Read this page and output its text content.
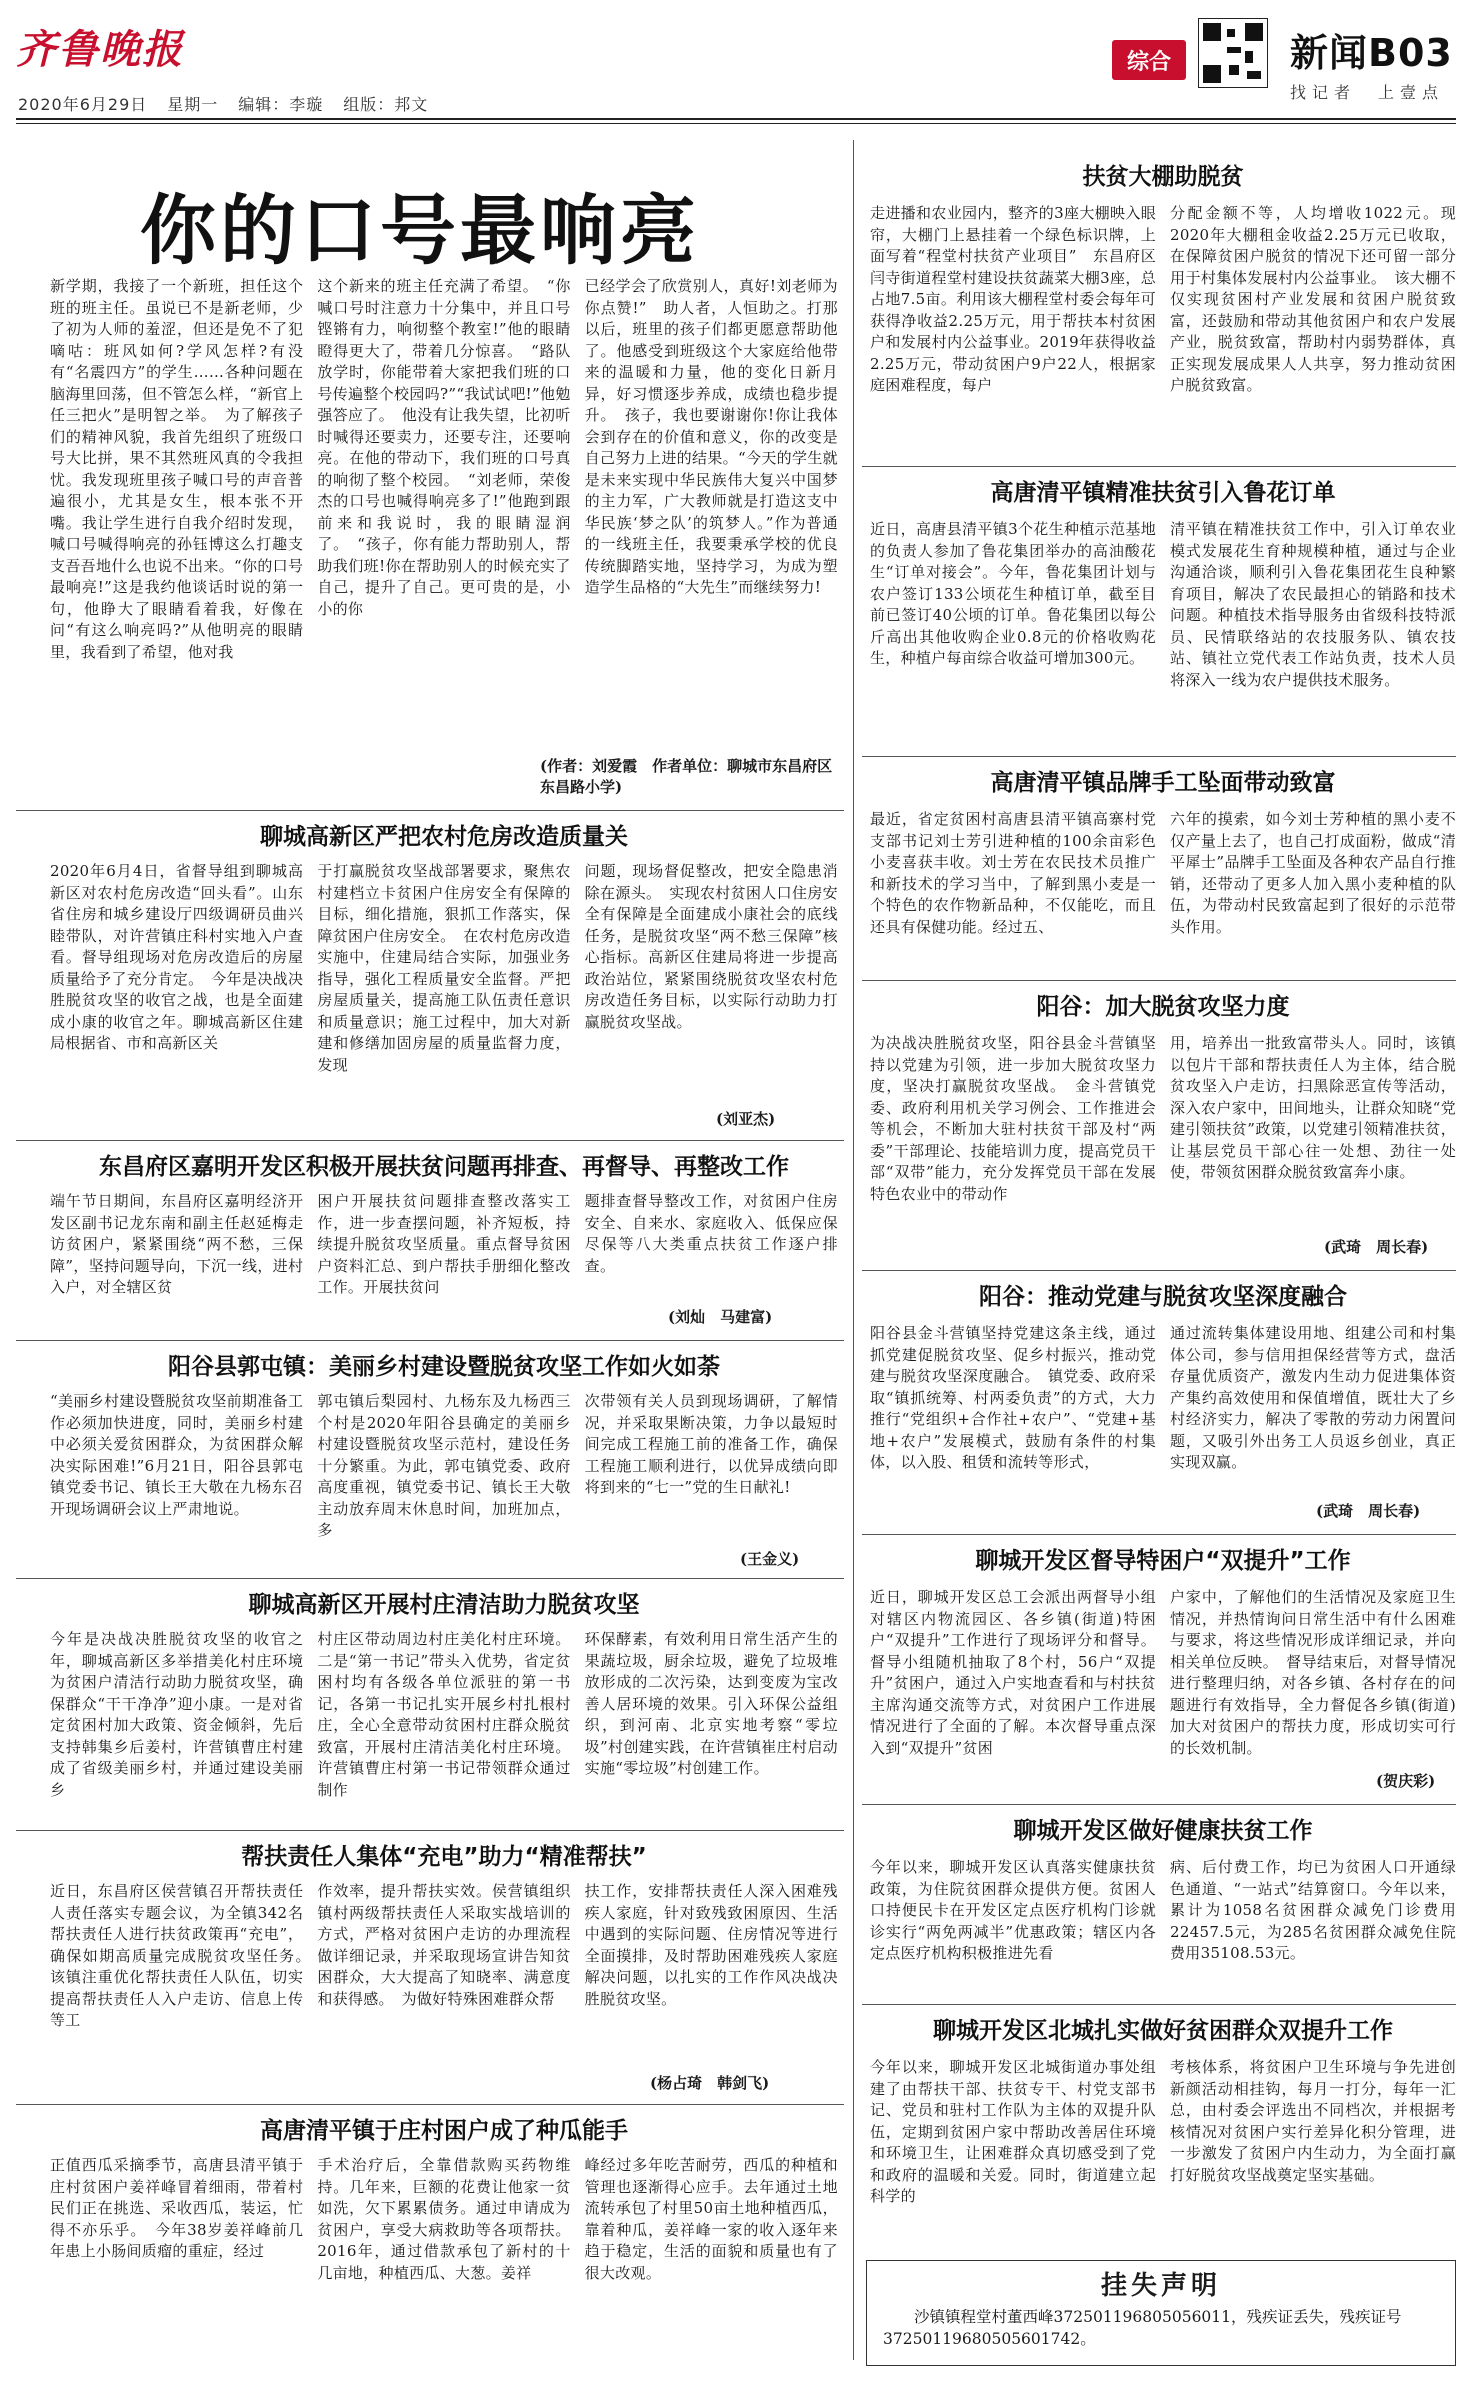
齐鲁晚报
2020年6月29日 星期一 编辑：李璇 组版：邦文
综合	新闻B03
找记者　上壹点
你的口号最响亮
新学期，我接了一个新班，担任这个班的班主任。虽说已不是新老师，少了初为人师的羞涩，但还是免不了犯嘀咕：班风如何?学风怎样?有没有“名震四方”的学生……各种问题在脑海里回荡，但不管怎么样，“新官上任三把火”是明智之举。　为了解孩子们的精神风貌，我首先组织了班级口号大比拼，果不其然班风真的令我担忧。我发现班里孩子喊口号的声音普遍很小，尤其是女生，根本张不开嘴。我让学生进行自我介绍时发现，喊口号喊得响亮的孙钰博这么打趣支支吾吾地什么也说不出来。“你的口号最响亮!”这是我约他谈话时说的第一句，他睁大了眼睛看着我，好像在问“有这么响亮吗?”从他明亮的眼睛里，我看到了希望，他对我
这个新来的班主任充满了希望。　“你喊口号时注意力十分集中，并且口号铿锵有力，响彻整个教室!”他的眼睛瞪得更大了，带着几分惊喜。　“路队放学时，你能带着大家把我们班的口号传遍整个校园吗?”“我试试吧!”他勉强答应了。　他没有让我失望，比初听时喊得还要卖力，还要专注，还要响亮。在他的带动下，我们班的口号真的响彻了整个校园。　“刘老师，荣俊杰的口号也喊得响亮多了!”他跑到跟前来和我说时，我的眼睛湿润了。　“孩子，你有能力帮助别人，帮助我们班!你在帮助别人的时候充实了自己，提升了自己。更可贵的是，小小的你
已经学会了欣赏别人，真好!刘老师为你点赞!”　助人者，人恒助之。打那以后，班里的孩子们都更愿意帮助他了。他感受到班级这个大家庭给他带来的温暖和力量，他的变化日新月异，好习惯逐步养成，成绩也稳步提升。　孩子，我也要谢谢你!你让我体会到存在的价值和意义，你的改变是自己努力上进的结果。“今天的学生就是未来实现中华民族伟大复兴中国梦的主力军，广大教师就是打造这支中华民族‘梦之队’的筑梦人。”作为普通的一线班主任，我要秉承学校的优良传统脚踏实地，坚持学习，为成为塑造学生品格的“大先生”而继续努力!
(作者：刘爱霞　作者单位：聊城市东昌府区东昌路小学)
聊城高新区严把农村危房改造质量关
2020年6月4日，省督导组到聊城高新区对农村危房改造“回头看”。山东省住房和城乡建设厅四级调研员曲兴睦带队，对许营镇庄科村实地入户查看。督导组现场对危房改造后的房屋质量给予了充分肯定。　今年是决战决胜脱贫攻坚的收官之战，也是全面建成小康的收官之年。聊城高新区住建局根据省、市和高新区关
于打赢脱贫攻坚战部署要求，聚焦农村建档立卡贫困户住房安全有保障的目标，细化措施，狠抓工作落实，保障贫困户住房安全。　在农村危房改造实施中，住建局结合实际，加强业务指导，强化工程质量安全监督。严把房屋质量关，提高施工队伍责任意识和质量意识；施工过程中，加大对新建和修缮加固房屋的质量监督力度，发现
问题，现场督促整改，把安全隐患消除在源头。　实现农村贫困人口住房安全有保障是全面建成小康社会的底线任务，是脱贫攻坚“两不愁三保障”核心指标。高新区住建局将进一步提高政治站位，紧紧围绕脱贫攻坚农村危房改造任务目标，以实际行动助力打赢脱贫攻坚战。
(刘亚杰)
东昌府区嘉明开发区积极开展扶贫问题再排查、再督导、再整改工作
端午节日期间，东昌府区嘉明经济开发区副书记龙东南和副主任赵延梅走访贫困户，紧紧围绕“两不愁，三保障”，坚持问题导向，下沉一线，进村入户，对全辖区贫
困户开展扶贫问题排查整改落实工作，进一步查摆问题，补齐短板，持续提升脱贫攻坚质量。重点督导贫困户资料汇总、到户帮扶手册细化整改工作。开展扶贫问
题排查督导整改工作，对贫困户住房安全、自来水、家庭收入、低保应保尽保等八大类重点扶贫工作逐户排查。
(刘灿　马建富)
阳谷县郭屯镇：美丽乡村建设暨脱贫攻坚工作如火如荼
“美丽乡村建设暨脱贫攻坚前期准备工作必须加快进度，同时，美丽乡村建中必须关爱贫困群众，为贫困群众解决实际困难!”6月21日，阳谷县郭屯镇党委书记、镇长王大敬在九杨东召开现场调研会议上严肃地说。
郭屯镇后梨园村、九杨东及九杨西三个村是2020年阳谷县确定的美丽乡村建设暨脱贫攻坚示范村，建设任务十分繁重。为此，郭屯镇党委、政府高度重视，镇党委书记、镇长王大敬主动放弃周末休息时间，加班加点，多
次带领有关人员到现场调研，了解情况，并采取果断决策，力争以最短时间完成工程施工前的准备工作，确保工程施工顺利进行，以优异成绩向即将到来的“七一”党的生日献礼!
(王金义)
聊城高新区开展村庄清洁助力脱贫攻坚
今年是决战决胜脱贫攻坚的收官之年，聊城高新区多举措美化村庄环境为贫困户清洁行动助力脱贫攻坚，确保群众“干干净净”迎小康。一是对省定贫困村加大政策、资金倾斜，先后支持韩集乡后姜村，许营镇曹庄村建成了省级美丽乡村，并通过建设美丽乡
村庄区带动周边村庄美化村庄环境。二是“第一书记”带头入优势，省定贫困村均有各级各单位派驻的第一书记，各第一书记扎实开展乡村扎根村庄，全心全意带动贫困村庄群众脱贫致富，开展村庄清洁美化村庄环境。许营镇曹庄村第一书记带领群众通过制作
环保酵素，有效利用日常生活产生的果蔬垃圾，厨余垃圾，避免了垃圾堆放形成的二次污染，达到变废为宝改善人居环境的效果。引入环保公益组织，到河南、北京实地考察“零垃圾”村创建实践，在许营镇崔庄村启动实施“零垃圾”村创建工作。
帮扶责任人集体“充电”助力“精准帮扶”
近日，东昌府区侯营镇召开帮扶责任人责任落实专题会议，为全镇342名帮扶责任人进行扶贫政策再“充电”，确保如期高质量完成脱贫攻坚任务。　该镇注重优化帮扶责任人队伍，切实提高帮扶责任人入户走访、信息上传等工
作效率，提升帮扶实效。侯营镇组织镇村两级帮扶责任人采取实战培训的方式，严格对贫困户走访的办理流程做详细记录，并采取现场宣讲告知贫困群众，大大提高了知晓率、满意度和获得感。　为做好特殊困难群众帮
扶工作，安排帮扶责任人深入困难残疾人家庭，针对致残致困原因、生活中遇到的实际问题、住房情况等进行全面摸排，及时帮助困难残疾人家庭解决问题，以扎实的工作作风决战决胜脱贫攻坚。
(杨占琦　韩剑飞)
高唐清平镇于庄村困户成了种瓜能手
正值西瓜采摘季节，高唐县清平镇于庄村贫困户姜祥峰冒着细雨，带着村民们正在挑选、采收西瓜，装运，忙得不亦乐乎。　今年38岁姜祥峰前几年患上小肠间质瘤的重症，经过
手术治疗后，全靠借款购买药物维持。几年来，巨额的花费让他家一贫如洗，欠下累累债务。通过申请成为贫困户，享受大病救助等各项帮扶。2016年，通过借款承包了新村的十几亩地，种植西瓜、大葱。姜祥
峰经过多年吃苦耐劳，西瓜的种植和管理也逐渐得心应手。去年通过土地流转承包了村里50亩土地种植西瓜，靠着种瓜，姜祥峰一家的收入逐年来趋于稳定，生活的面貌和质量也有了很大改观。
扶贫大棚助脱贫
走进播和农业园内，整齐的3座大棚映入眼帘，大棚门上悬挂着一个绿色标识牌，上面写着“程堂村扶贫产业项目”　东昌府区闫寺街道程堂村建设扶贫蔬菜大棚3座，总占地7.5亩。利用该大棚程堂村委会每年可获得净收益2.25万元，用于帮扶本村贫困户和发展村内公益事业。2019年获得收益2.25万元，带动贫困户9户22人，根据家庭困难程度，每户
分配金额不等，人均增收1022元。现2020年大棚租金收益2.25万元已收取，在保障贫困户脱贫的情况下还可留一部分用于村集体发展村内公益事业。　该大棚不仅实现贫困村产业发展和贫困户脱贫致富，还鼓励和带动其他贫困户和农户发展产业，脱贫致富，帮助村内弱势群体，真正实现发展成果人人共享，努力推动贫困户脱贫致富。
高唐清平镇精准扶贫引入鲁花订单
近日，高唐县清平镇3个花生种植示范基地的负责人参加了鲁花集团举办的高油酸花生“订单对接会”。今年，鲁花集团计划与农户签订133公顷花生种植订单，截至目前已签订40公顷的订单。鲁花集团以每公斤高出其他收购企业0.8元的价格收购花生，种植户每亩综合收益可增加300元。
清平镇在精准扶贫工作中，引入订单农业模式发展花生育种规模种植，通过与企业沟通洽谈，顺利引入鲁花集团花生良种繁育项目，解决了农民最担心的销路和技术问题。种植技术指导服务由省级科技特派员、民情联络站的农技服务队、镇农技站、镇社立党代表工作站负责，技术人员将深入一线为农户提供技术服务。
高唐清平镇品牌手工坠面带动致富
最近，省定贫困村高唐县清平镇高寨村党支部书记刘士芳引进种植的100余亩彩色小麦喜获丰收。刘士芳在农民技术员推广和新技术的学习当中，了解到黑小麦是一个特色的农作物新品种，不仅能吃，而且还具有保健功能。经过五、
六年的摸索，如今刘士芳种植的黑小麦不仅产量上去了，也自己打成面粉，做成“清平犀士”品牌手工坠面及各种农产品自行推销，还带动了更多人加入黑小麦种植的队伍，为带动村民致富起到了很好的示范带头作用。
阳谷：加大脱贫攻坚力度
为决战决胜脱贫攻坚，阳谷县金斗营镇坚持以党建为引领，进一步加大脱贫攻坚力度，坚决打赢脱贫攻坚战。　金斗营镇党委、政府利用机关学习例会、工作推进会等机会，不断加大驻村扶贫干部及村“两委”干部理论、技能培训力度，提高党员干部“双带”能力，充分发挥党员干部在发展特色农业中的带动作
用，培养出一批致富带头人。同时，该镇以包片干部和帮扶责任人为主体，结合脱贫攻坚入户走访，扫黑除恶宣传等活动，深入农户家中，田间地头，让群众知晓“党建引领扶贫”政策，以党建引领精准扶贫，让基层党员干部心往一处想、劲往一处使，带领贫困群众脱贫致富奔小康。
(武琦　周长春)
阳谷：推动党建与脱贫攻坚深度融合
阳谷县金斗营镇坚持党建这条主线，通过抓党建促脱贫攻坚、促乡村振兴，推动党建与脱贫攻坚深度融合。　镇党委、政府采取“镇抓统筹、村两委负责”的方式，大力推行“党组织+合作社+农户”、“党建+基地+农户”发展模式，鼓励有条件的村集体，以入股、租赁和流转等形式，
通过流转集体建设用地、组建公司和村集体公司，参与信用担保经营等方式，盘活存量优质资产，激发内生动力促进集体资产集约高效使用和保值增值，既壮大了乡村经济实力，解决了零散的劳动力闲置问题，又吸引外出务工人员返乡创业，真正实现双赢。
(武琦　周长春)
聊城开发区督导特困户“双提升”工作
近日，聊城开发区总工会派出两督导小组对辖区内物流园区、各乡镇(街道)特困户“双提升”工作进行了现场评分和督导。督导小组随机抽取了8个村，56户“双提升”贫困户，通过入户实地查看和与村扶贫主席沟通交流等方式，对贫困户工作进展情况进行了全面的了解。本次督导重点深入到“双提升”贫困
户家中，了解他们的生活情况及家庭卫生情况，并热情询问日常生活中有什么困难与要求，将这些情况形成详细记录，并向相关单位反映。　督导结束后，对督导情况进行整理归纳，对各乡镇、各村存在的问题进行有效指导，全力督促各乡镇(街道)加大对贫困户的帮扶力度，形成切实可行的长效机制。
(贺庆彩)
聊城开发区做好健康扶贫工作
今年以来，聊城开发区认真落实健康扶贫政策，为住院贫困群众提供方便。贫困人口持便民卡在开发区定点医疗机构门诊就诊实行“两免两减半”优惠政策；辖区内各定点医疗机构积极推进先看
病、后付费工作，均已为贫困人口开通绿色通道、“一站式”结算窗口。今年以来，累计为1058名贫困群众减免门诊费用22457.5元，为285名贫困群众减免住院费用35108.53元。
聊城开发区北城扎实做好贫困群众双提升工作
今年以来，聊城开发区北城街道办事处组建了由帮扶干部、扶贫专干、村党支部书记、党员和驻村工作队为主体的双提升队伍，定期到贫困户家中帮助改善居住环境和环境卫生，让困难群众真切感受到了党和政府的温暖和关爱。同时，街道建立起科学的
考核体系，将贫困户卫生环境与争先进创新颜活动相挂钩，每月一打分，每年一汇总，由村委会评选出不同档次，并根据考核情况对贫困户实行差异化积分管理，进一步激发了贫困户内生动力，为全面打赢打好脱贫攻坚战奠定坚实基础。
挂失声明
沙镇镇程堂村董西峰372501196805056011，残疾证丢失，残疾证号37250119680505601742。
